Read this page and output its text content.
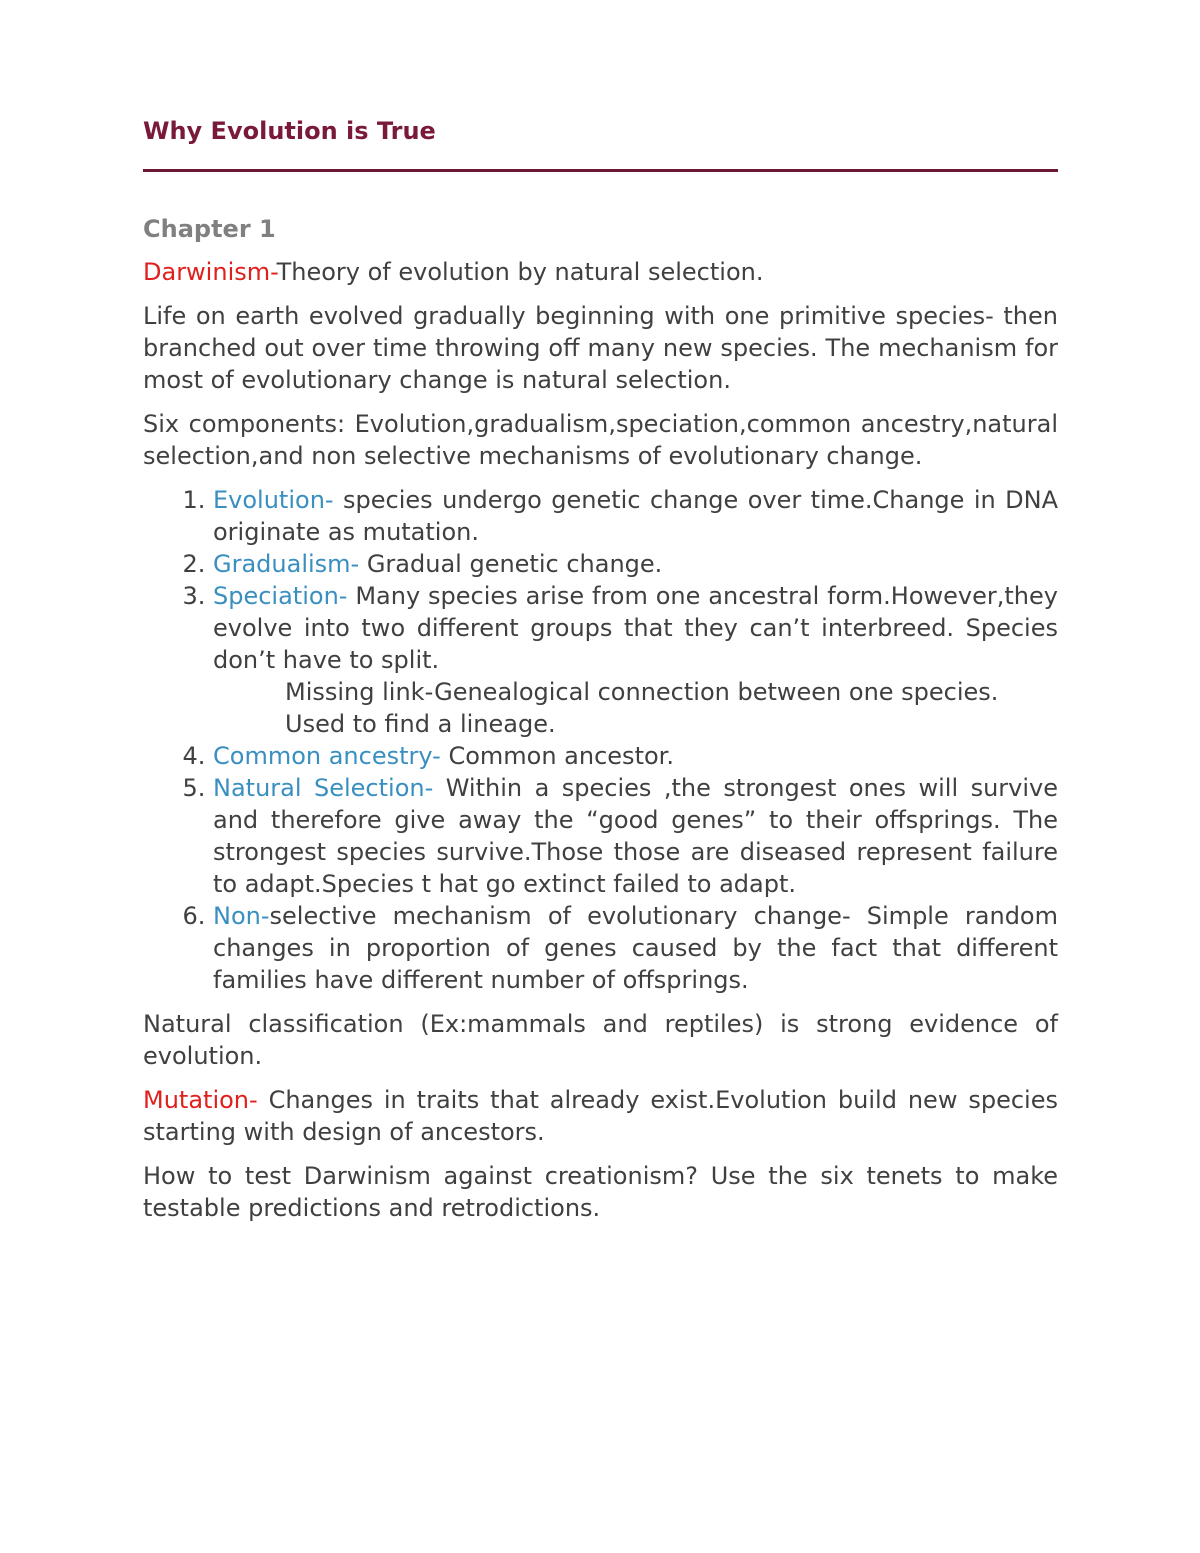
Why Evolution is True
Chapter 1

Darwinism-Theory of evolution by natural selection.

Life on earth evolved gradually beginning with one primitive species- then branched out over time throwing off many new species. The mechanism for most of evolutionary change is natural selection.

Six components: Evolution,gradualism,speciation,common ancestry,natural selection,and non selective mechanisms of evolutionary change.

1. Evolution- species undergo genetic change over time.Change in DNA originate as mutation.
2. Gradualism- Gradual genetic change.
3. Speciation- Many species arise from one ancestral form.However,they evolve into two different groups that they can’t interbreed. Species don’t have to split.
Missing link-Genealogical connection between one species. Used to find a lineage.
4. Common ancestry- Common ancestor.
5. Natural Selection- Within a species ,the strongest ones will survive and therefore give away the “good genes” to their offsprings. The strongest species survive.Those those are diseased represent failure to adapt.Species t hat go extinct failed to adapt.
6. Non-selective mechanism of evolutionary change- Simple random changes in proportion of genes caused by the fact that different families have different number of offsprings.

Natural classification (Ex:mammals and reptiles) is strong evidence of evolution.

Mutation- Changes in traits that already exist.Evolution build new species starting with design of ancestors.

How to test Darwinism against creationism? Use the six tenets to make testable predictions and retrodictions.
